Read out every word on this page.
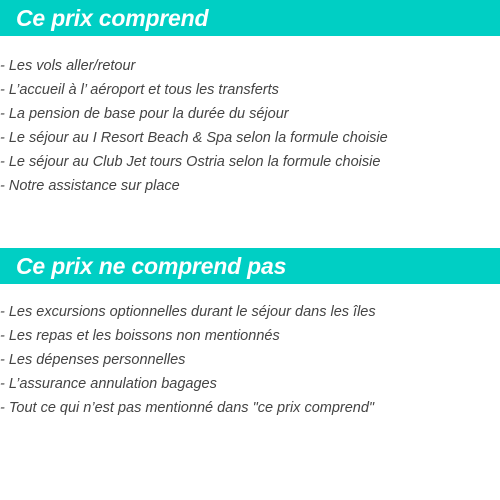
Ce prix comprend
- Les vols aller/retour
- L’accueil à l’ aéroport et tous les transferts
- La pension de base pour la durée du séjour
- Le séjour au I Resort Beach & Spa selon la formule choisie
- Le séjour au Club Jet tours Ostria selon la formule choisie
- Notre assistance sur place
Ce prix ne comprend pas
- Les excursions optionnelles durant le séjour dans les îles
- Les repas et les boissons non mentionnés
- Les dépenses personnelles
- L’assurance annulation bagages
- Tout ce qui n’est pas mentionné dans "ce prix comprend"
